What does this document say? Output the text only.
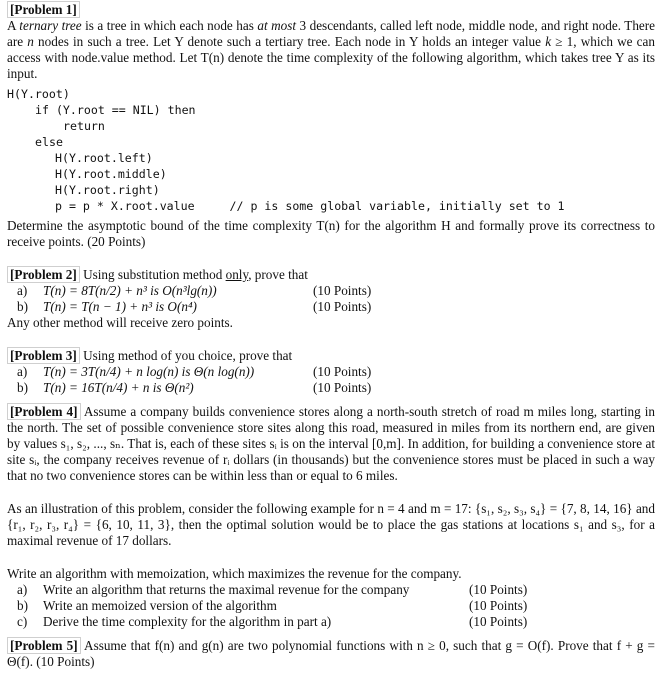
[Problem 1]
A ternary tree is a tree in which each node has at most 3 descendants, called left node, middle node, and right node. There are n nodes in such a tree. Let Y denote such a tertiary tree. Each node in Y holds an integer value k ≥ 1, which we can access with node.value method. Let T(n) denote the time complexity of the following algorithm, which takes tree Y as its input.

H(Y.root)
if (Y.root == NIL) then
return
else
H(Y.root.left)
H(Y.root.middle)
H(Y.root.right)
p = p * X.root.value     // p is some global variable, initially set to 1

Determine the asymptotic bound of the time complexity T(n) for the algorithm H and formally prove its correctness to receive points. (20 Points)

[Problem 2] Using substitution method only, prove that

a)	T(n) = 8T(n/2) + n³ is O(n³lg(n))	(10 Points)
b)	T(n) = T(n − 1) + n³ is O(n⁴)	(10 Points)

Any other method will receive zero points.

[Problem 3] Using method of you choice, prove that

a)	T(n) = 3T(n/4) + n log(n) is Θ(n log(n))	(10 Points)
b)	T(n) = 16T(n/4) + n is Θ(n²)	(10 Points)

[Problem 4] Assume a company builds convenience stores along a north-south stretch of road m miles long, starting in the north. The set of possible convenience store sites along this road, measured in miles from its northern end, are given by values s₁, s₂, ..., sₙ. That is, each of these sites sᵢ is on the interval [0,m]. In addition, for building a convenience store at site sᵢ, the company receives revenue of rᵢ dollars (in thousands) but the convenience stores must be placed in such a way that no two convenience stores can be within less than or equal to 6 miles.

As an illustration of this problem, consider the following example for n = 4 and m = 17: {s₁, s₂, s₃, s₄} = {7, 8, 14, 16} and {r₁, r₂, r₃, r₄} = {6, 10, 11, 3}, then the optimal solution would be to place the gas stations at locations s₁ and s₃, for a maximal revenue of 17 dollars.

Write an algorithm with memoization, which maximizes the revenue for the company.

a)	Write an algorithm that returns the maximal revenue for the company	(10 Points)
b)	Write an memoized version of the algorithm	(10 Points)
c)	Derive the time complexity for the algorithm in part a)	(10 Points)

[Problem 5] Assume that f(n) and g(n) are two polynomial functions with n ≥ 0, such that g = O(f). Prove that f + g = Θ(f). (10 Points)
